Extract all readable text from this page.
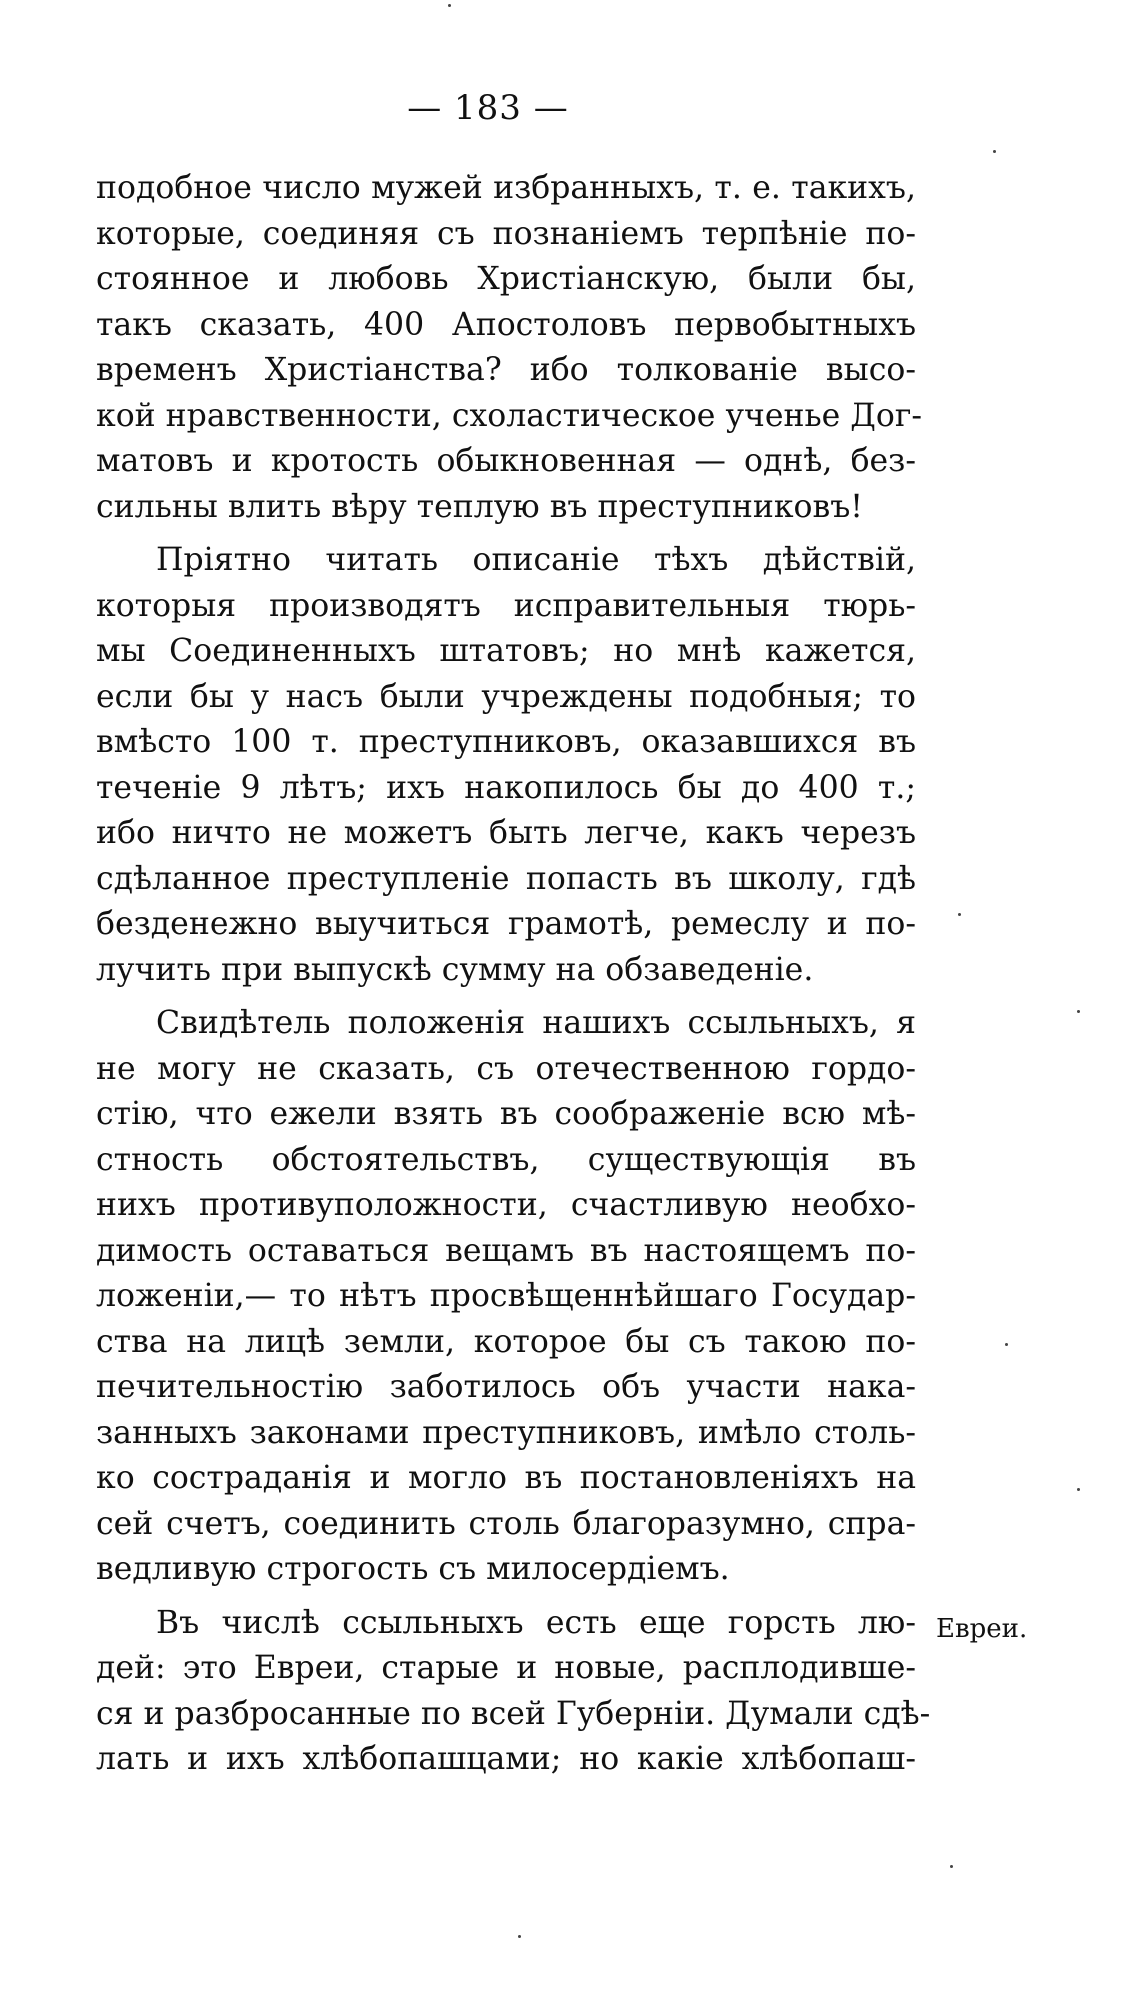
— 183 —
подобное число мужей избранныхъ, т. е. такихъ,
которые, соединяя съ познанiемъ терпѣнiе по-
стоянное и любовь Христiанскую, были бы,
такъ сказать, 400 Апостоловъ первобытныхъ
временъ Христiанства? ибо толкованiе высо-
кой нравственности, схоластическое ученье Дог-
матовъ и кротость обыкновенная — однѣ, без-
сильны влить вѣру теплую въ преступниковъ!
Прiятно читать описанiе тѣхъ дѣйствiй,
которыя производятъ исправительныя тюрь-
мы Соединенныхъ штатовъ; но мнѣ кажется,
если бы у насъ были учреждены подобныя; то
вмѣсто 100 т. преступниковъ, оказавшихся въ
теченiе 9 лѣтъ; ихъ накопилось бы до 400 т.;
ибо ничто не можетъ быть легче, какъ черезъ
сдѣланное преступленiе попасть въ школу, гдѣ
безденежно выучиться грамотѣ, ремеслу и по-
лучить при выпускѣ сумму на обзаведенiе.
Свидѣтель положенiя нашихъ ссыльныхъ, я
не могу не сказать, съ отечественною гордо-
стiю, что ежели взять въ соображенiе всю мѣ-
стность обстоятельствъ, существующiя въ
нихъ противуположности, счастливую необхо-
димость оставаться вещамъ въ настоящемъ по-
ложенiи,— то нѣтъ просвѣщеннѣйшаго Государ-
ства на лицѣ земли, которое бы съ такою по-
печительностiю заботилось объ участи нака-
занныхъ законами преступниковъ, имѣло столь-
ко состраданiя и могло въ постановленiяхъ на
сей счетъ, соединить столь благоразумно, спра-
ведливую строгость съ милосердiемъ.
Въ числѣ ссыльныхъ есть еще горсть лю-
дей: это Евреи, старые и новые, расплодивше-
ся и разбросанные по всей Губернiи. Думали сдѣ-
лать и ихъ хлѣбопашцами; но какiе хлѣбопаш-
Евреи.
